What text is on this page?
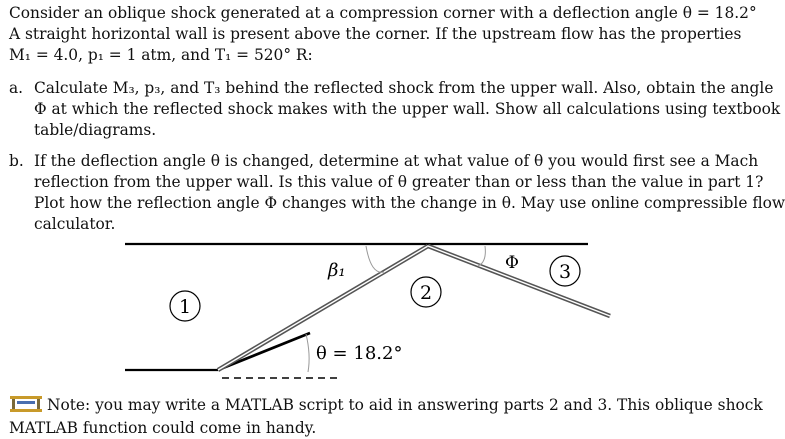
Consider an oblique shock generated at a compression corner with a deflection angle θ = 18.2°
A straight horizontal wall is present above the corner. If the upstream flow has the properties
M₁ = 4.0, p₁ = 1 atm, and T₁ = 520° R:
a. Calculate M₃, p₃, and T₃ behind the reflected shock from the upper wall. Also, obtain the angle
Φ at which the reflected shock makes with the upper wall. Show all calculations using textbook
table/diagrams.
b. If the deflection angle θ is changed, determine at what value of θ you would first see a Mach
reflection from the upper wall. Is this value of θ greater than or less than the value in part 1?
Plot how the reflection angle Φ changes with the change in θ. May use online compressible flow
calculator.
1
2
3
β₁	Φ
θ = 18.2°
Note: you may write a MATLAB script to aid in answering parts 2 and 3. This oblique shock
MATLAB function could come in handy.
